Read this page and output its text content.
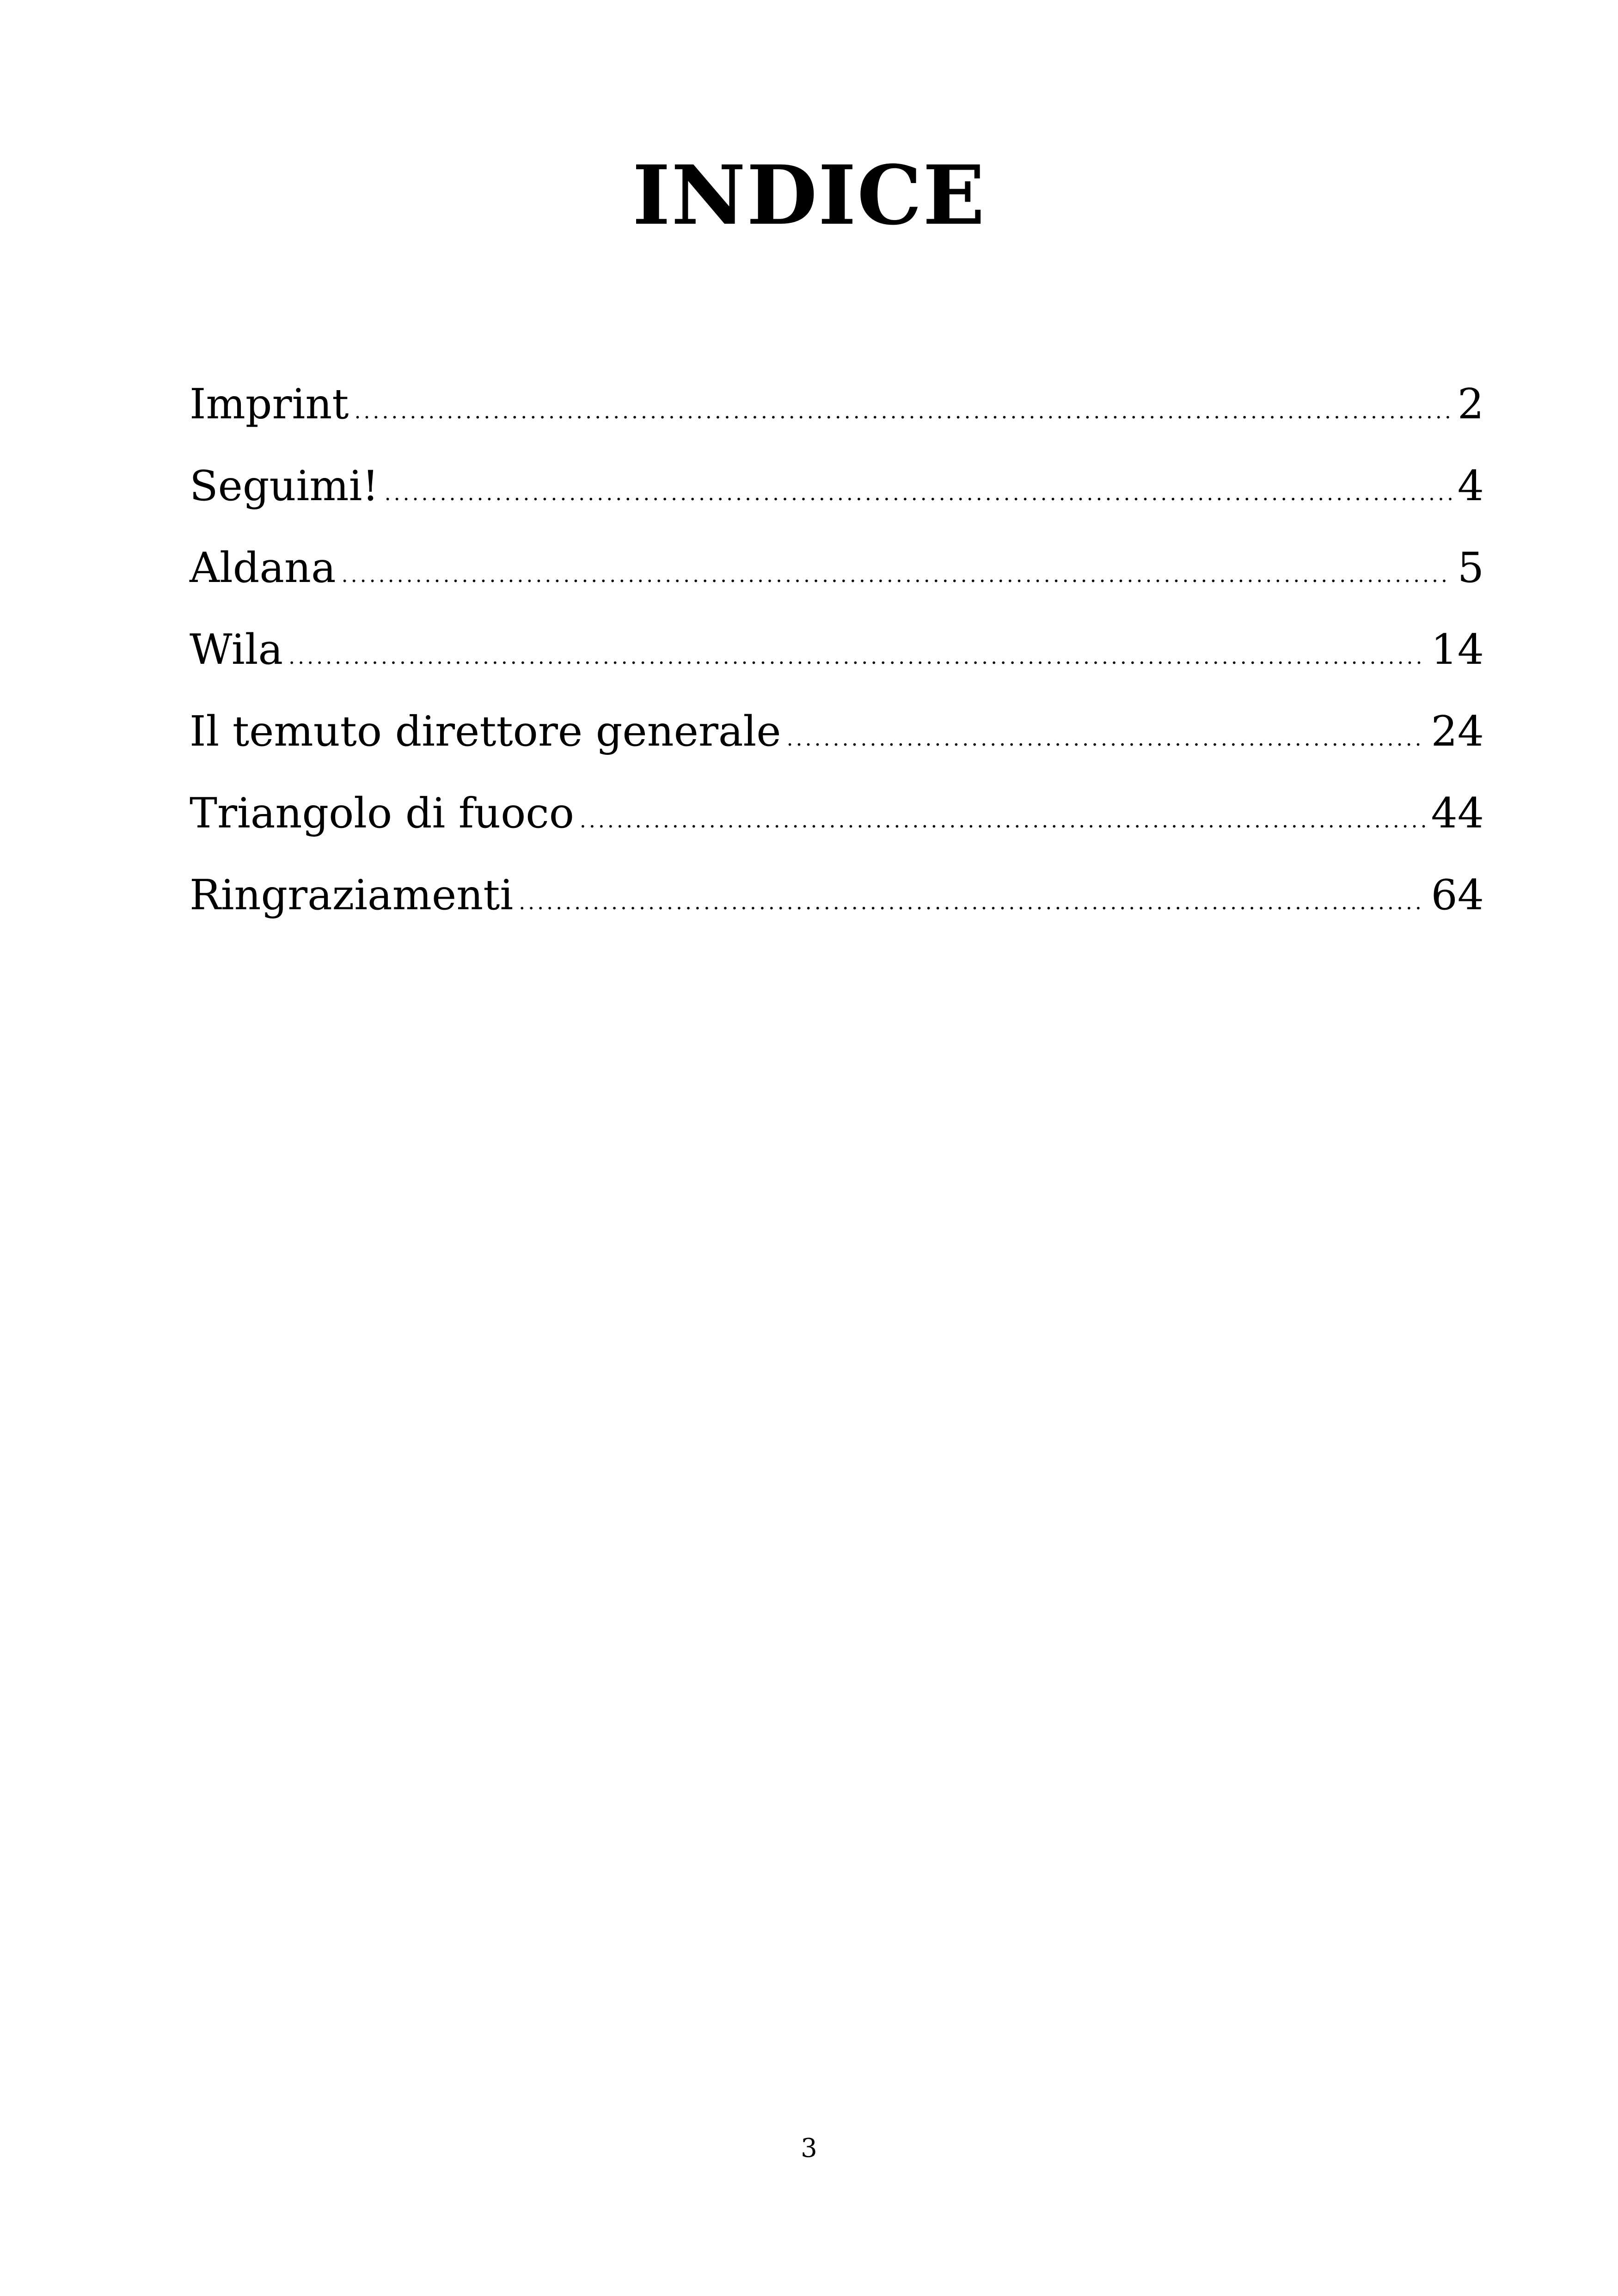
INDICE
Imprint .....	2
Seguimi! .....	4
Aldana .....	5
Wila .....	14
Il temuto direttore generale .....	24
Triangolo di fuoco .....	44
Ringraziamenti .....	64
3
